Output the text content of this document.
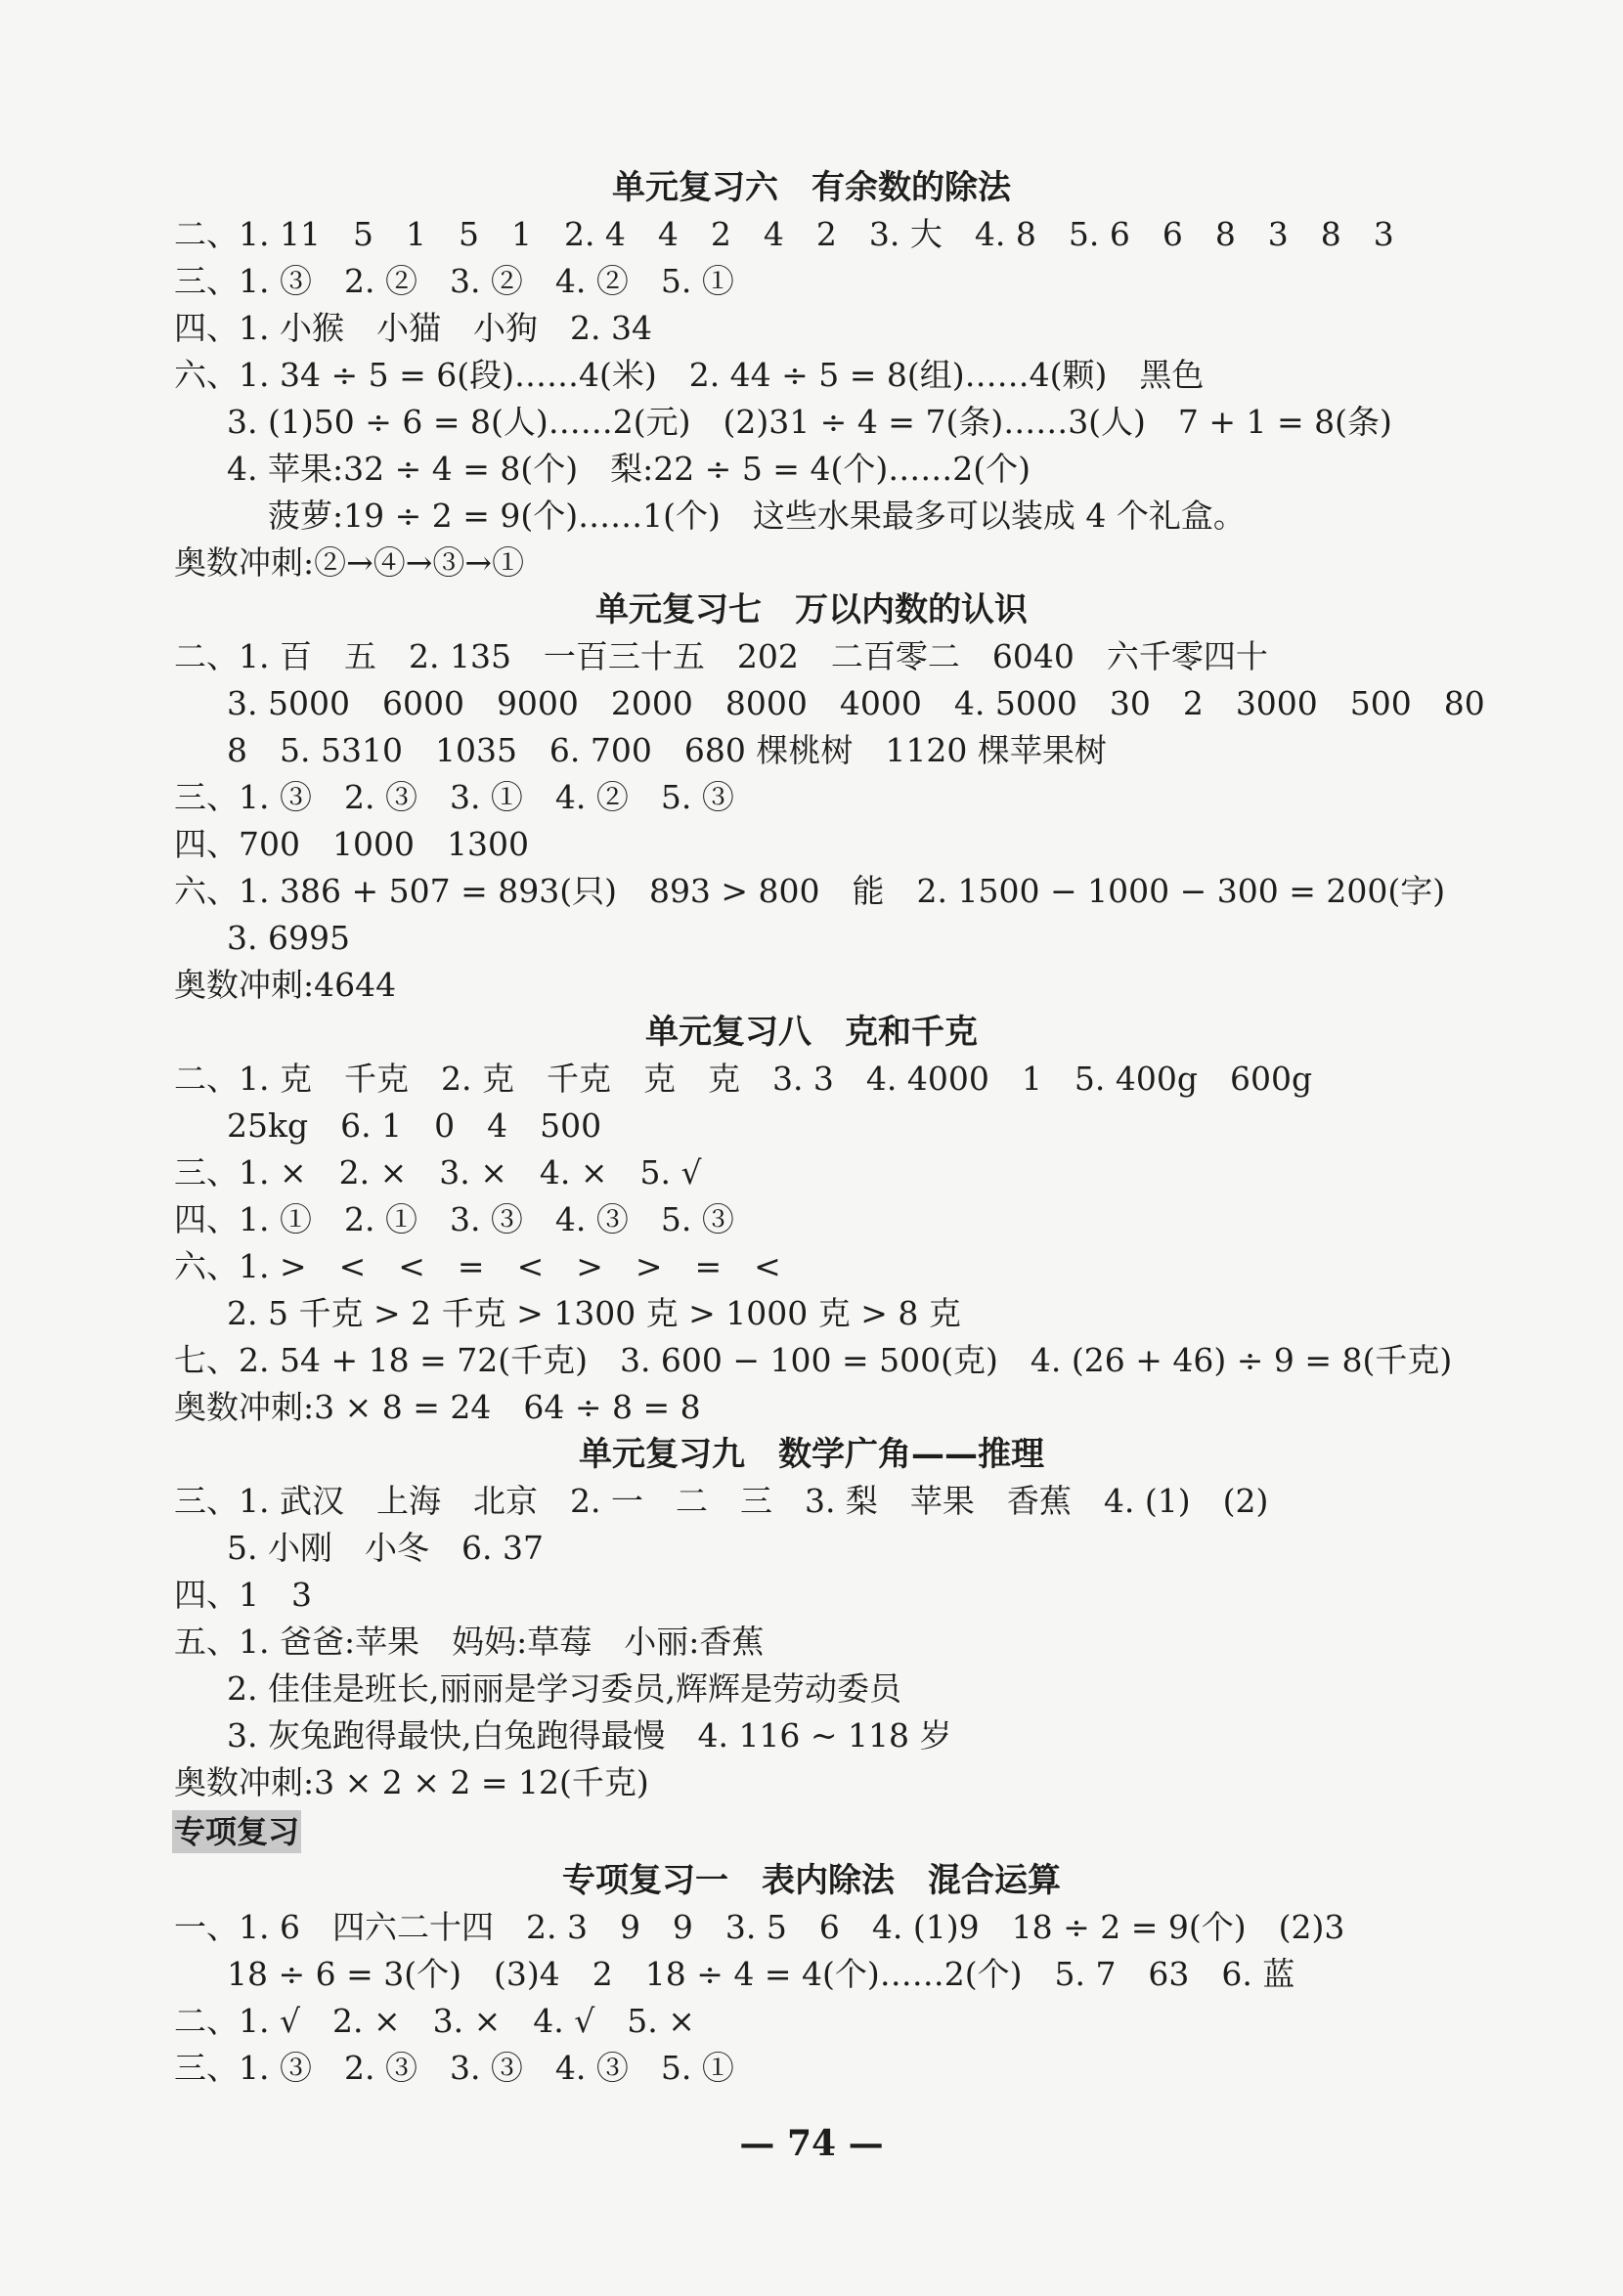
单元复习六　有余数的除法
二、1. 11　5　1　5　1　2. 4　4　2　4　2　3. 大　4. 8　5. 6　6　8　3　8　3
三、1. ③　2. ②　3. ②　4. ②　5. ①
四、1. 小猴　小猫　小狗　2. 34
六、1. 34 ÷ 5 = 6(段)……4(米)　2. 44 ÷ 5 = 8(组)……4(颗)　黑色
3. (1)50 ÷ 6 = 8(人)……2(元)　(2)31 ÷ 4 = 7(条)……3(人)　7 + 1 = 8(条)
4. 苹果:32 ÷ 4 = 8(个)　梨:22 ÷ 5 = 4(个)……2(个)
菠萝:19 ÷ 2 = 9(个)……1(个)　这些水果最多可以装成 4 个礼盒。
奥数冲刺:②→④→③→①
单元复习七　万以内数的认识
二、1. 百　五　2. 135　一百三十五　202　二百零二　6040　六千零四十
3. 5000　6000　9000　2000　8000　4000　4. 5000　30　2　3000　500　80
8　5. 5310　1035　6. 700　680 棵桃树　1120 棵苹果树
三、1. ③　2. ③　3. ①　4. ②　5. ③
四、700　1000　1300
六、1. 386 + 507 = 893(只)　893 > 800　能　2. 1500 − 1000 − 300 = 200(字)
3. 6995
奥数冲刺:4644
单元复习八　克和千克
二、1. 克　千克　2. 克　千克　克　克　3. 3　4. 4000　1　5. 400g　600g
25kg　6. 1　0　4　500
三、1. ×　2. ×　3. ×　4. ×　5. √
四、1. ①　2. ①　3. ③　4. ③　5. ③
六、1. >　<　<　=　<　>　>　=　<
2. 5 千克 > 2 千克 > 1300 克 > 1000 克 > 8 克
七、2. 54 + 18 = 72(千克)　3. 600 − 100 = 500(克)　4. (26 + 46) ÷ 9 = 8(千克)
奥数冲刺:3 × 8 = 24　64 ÷ 8 = 8
单元复习九　数学广角——推理
三、1. 武汉　上海　北京　2. 一　二　三　3. 梨　苹果　香蕉　4. (1)　(2)
5. 小刚　小冬　6. 37
四、1　3
五、1. 爸爸:苹果　妈妈:草莓　小丽:香蕉
2. 佳佳是班长,丽丽是学习委员,辉辉是劳动委员
3. 灰兔跑得最快,白兔跑得最慢　4. 116 ~ 118 岁
奥数冲刺:3 × 2 × 2 = 12(千克)
专项复习
专项复习一　表内除法　混合运算
一、1. 6　四六二十四　2. 3　9　9　3. 5　6　4. (1)9　18 ÷ 2 = 9(个)　(2)3
18 ÷ 6 = 3(个)　(3)4　2　18 ÷ 4 = 4(个)……2(个)　5. 7　63　6. 蓝
二、1. √　2. ×　3. ×　4. √　5. ×
三、1. ③　2. ③　3. ③　4. ③　5. ①
— 74 —
